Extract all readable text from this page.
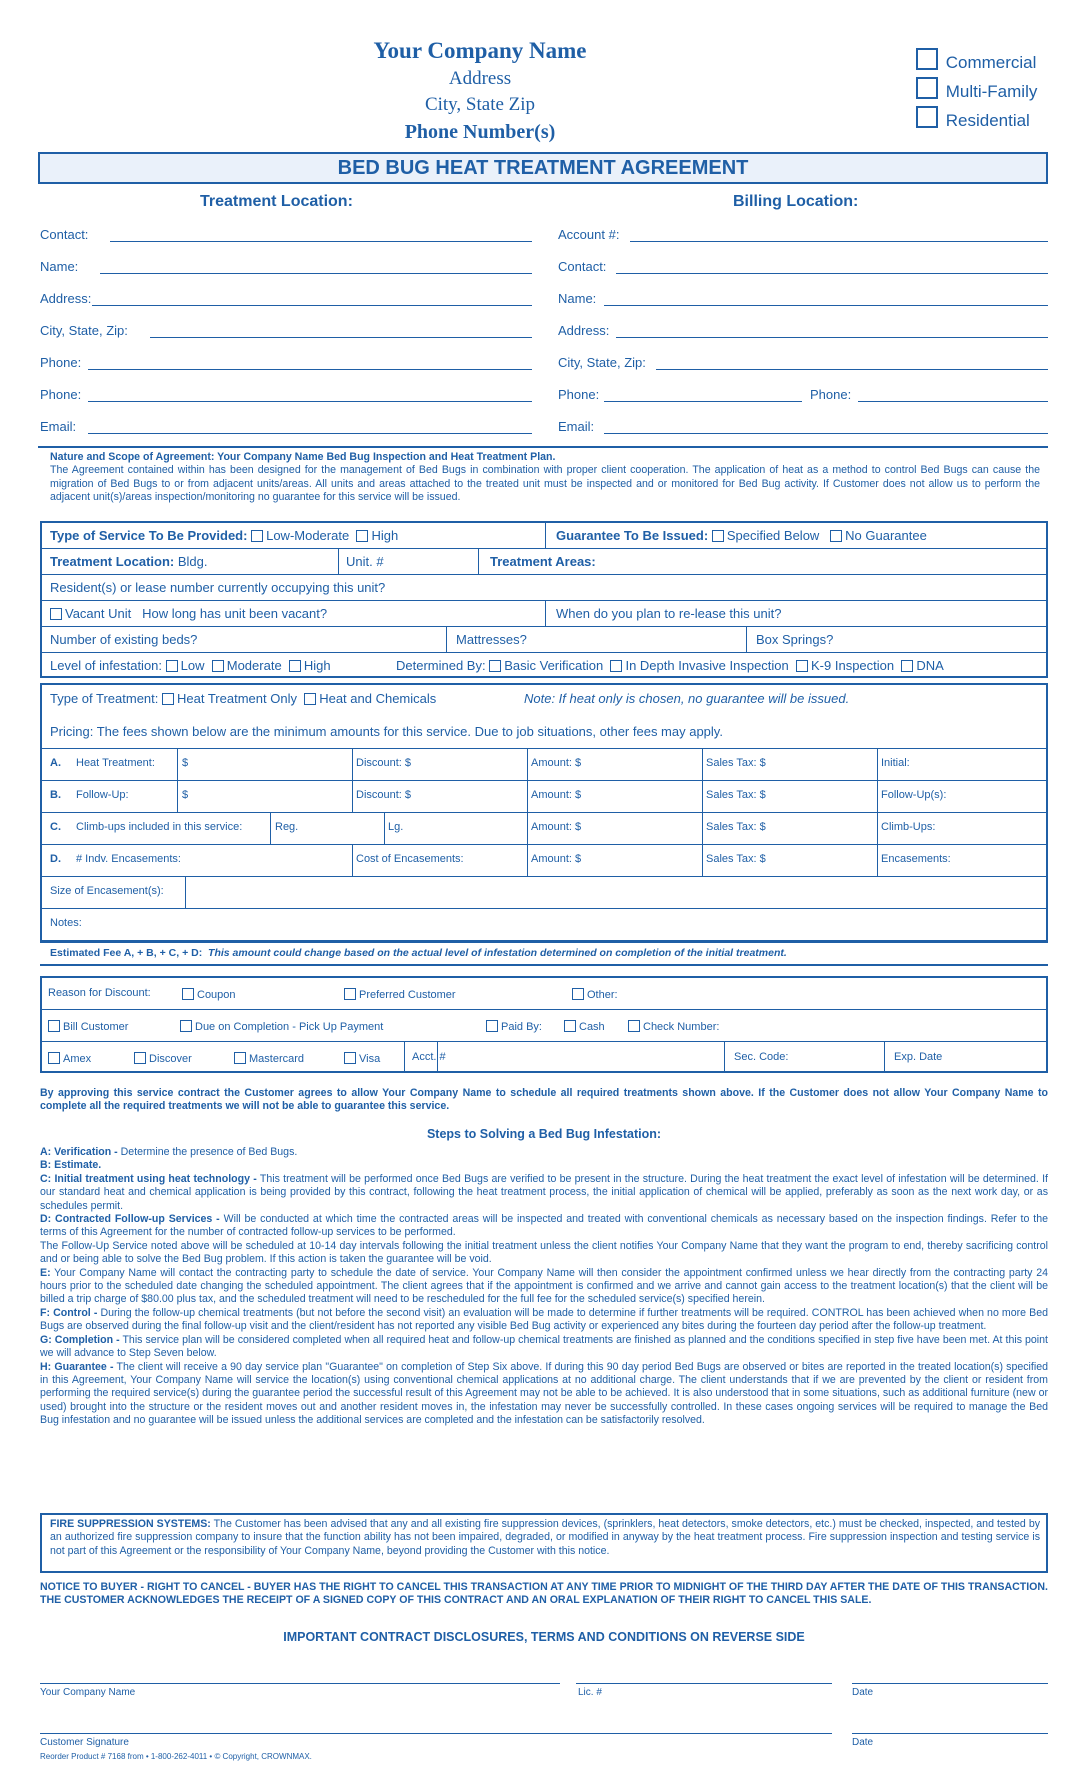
Your Company Name
Address
City, State Zip
Phone Number(s)
Commercial
Multi-Family
Residential
BED BUG HEAT TREATMENT AGREEMENT
Treatment Location:	Billing Location:
Contact:
Name:
Address:
City, State, Zip:
Phone:
Phone:
Email:
Account #:
Contact:
Name:
Address:
City, State, Zip:
Phone:	Phone:
Email:
Nature and Scope of Agreement: Your Company Name Bed Bug Inspection and Heat Treatment Plan.
The Agreement contained within has been designed for the management of Bed Bugs in combination with proper client cooperation. The application of heat as a method to control Bed Bugs can cause the migration of Bed Bugs to or from adjacent units/areas. All units and areas attached to the treated unit must be inspected and or monitored for Bed Bug activity. If Customer does not allow us to perform the adjacent unit(s)/areas inspection/monitoring no guarantee for this service will be issued.
Type of Service To Be Provided: Low-Moderate High	Guarantee To Be Issued: Specified Below No Guarantee
Treatment Location: Bldg.	Unit. #	Treatment Areas:
Resident(s) or lease number currently occupying this unit?
Vacant Unit How long has unit been vacant?	When do you plan to re-lease this unit?
Number of existing beds?	Mattresses?	Box Springs?
Level of infestation: Low Moderate High	Determined By: Basic Verification In Depth Invasive Inspection K-9 Inspection DNA
Type of Treatment: Heat Treatment Only Heat and Chemicals	Note: If heat only is chosen, no guarantee will be issued.
Pricing: The fees shown below are the minimum amounts for this service. Due to job situations, other fees may apply.
A. Heat Treatment: $	Discount: $	Amount: $	Sales Tax: $	Initial:
B. Follow-Up:	$	Discount: $	Amount: $	Sales Tax: $	Follow-Up(s):
C. Climb-ups included in this service:	Reg.	Lg.	Amount: $	Sales Tax: $	Climb-Ups:
D. # Indv. Encasements:	Cost of Encasements:	Amount: $	Sales Tax: $	Encasements:
Size of Encasement(s):
Notes:
Estimated Fee A, + B, + C, + D: This amount could change based on the actual level of infestation determined on completion of the initial treatment.
Reason for Discount:	Coupon	Preferred Customer	Other:
Bill Customer	Due on Completion - Pick Up Payment	Paid By:	Cash	Check Number:
Amex	Discover	Mastercard	Visa	Acct. #	Sec. Code:	Exp. Date
By approving this service contract the Customer agrees to allow Your Company Name to schedule all required treatments shown above. If the Customer does not allow Your Company Name to complete all the required treatments we will not be able to guarantee this service.
Steps to Solving a Bed Bug Infestation:
A: Verification - Determine the presence of Bed Bugs.
B: Estimate.
C: Initial treatment using heat technology - This treatment will be performed once Bed Bugs are verified to be present in the structure. During the heat treatment the exact level of infestation will be determined. If our standard heat and chemical application is being provided by this contract, following the heat treatment process, the initial application of chemical will be applied, preferably as soon as the next work day, or as schedules permit.
D: Contracted Follow-up Services - Will be conducted at which time the contracted areas will be inspected and treated with conventional chemicals as necessary based on the inspection findings. Refer to the terms of this Agreement for the number of contracted follow-up services to be performed.
The Follow-Up Service noted above will be scheduled at 10-14 day intervals following the initial treatment unless the client notifies Your Company Name that they want the program to end, thereby sacrificing control and or being able to solve the Bed Bug problem. If this action is taken the guarantee will be void.
E: Your Company Name will contact the contracting party to schedule the date of service. Your Company Name will then consider the appointment confirmed unless we hear directly from the contracting party 24 hours prior to the scheduled date changing the scheduled appointment. The client agrees that if the appointment is confirmed and we arrive and cannot gain access to the treatment location(s) that the client will be billed a trip charge of $80.00 plus tax, and the scheduled treatment will need to be rescheduled for the full fee for the scheduled service(s) specified herein.
F: Control - During the follow-up chemical treatments (but not before the second visit) an evaluation will be made to determine if further treatments will be required. CONTROL has been achieved when no more Bed Bugs are observed during the final follow-up visit and the client/resident has not reported any visible Bed Bug activity or experienced any bites during the fourteen day period after the follow-up treatment.
G: Completion - This service plan will be considered completed when all required heat and follow-up chemical treatments are finished as planned and the conditions specified in step five have been met. At this point we will advance to Step Seven below.
H: Guarantee - The client will receive a 90 day service plan "Guarantee" on completion of Step Six above. If during this 90 day period Bed Bugs are observed or bites are reported in the treated location(s) specified in this Agreement, Your Company Name will service the location(s) using conventional chemical applications at no additional charge. The client understands that if we are prevented by the client or resident from performing the required service(s) during the guarantee period the successful result of this Agreement may not be able to be achieved. It is also understood that in some situations, such as additional furniture (new or used) brought into the structure or the resident moves out and another resident moves in, the infestation may never be successfully controlled. In these cases ongoing services will be required to manage the Bed Bug infestation and no guarantee will be issued unless the additional services are completed and the infestation can be satisfactorily resolved.
FIRE SUPPRESSION SYSTEMS: The Customer has been advised that any and all existing fire suppression devices, (sprinklers, heat detectors, smoke detectors, etc.) must be checked, inspected, and tested by an authorized fire suppression company to insure that the function ability has not been impaired, degraded, or modified in anyway by the heat treatment process. Fire suppression inspection and testing service is not part of this Agreement or the responsibility of Your Company Name, beyond providing the Customer with this notice.
NOTICE TO BUYER - RIGHT TO CANCEL - BUYER HAS THE RIGHT TO CANCEL THIS TRANSACTION AT ANY TIME PRIOR TO MIDNIGHT OF THE THIRD DAY AFTER THE DATE OF THIS TRANSACTION. THE CUSTOMER ACKNOWLEDGES THE RECEIPT OF A SIGNED COPY OF THIS CONTRACT AND AN ORAL EXPLANATION OF THEIR RIGHT TO CANCEL THIS SALE.
IMPORTANT CONTRACT DISCLOSURES, TERMS AND CONDITIONS ON REVERSE SIDE
Your Company Name	Lic. #	Date
Customer Signature	Date
Reorder Product # 7168 from • 1-800-262-4011 • © Copyright, CROWNMAX.
